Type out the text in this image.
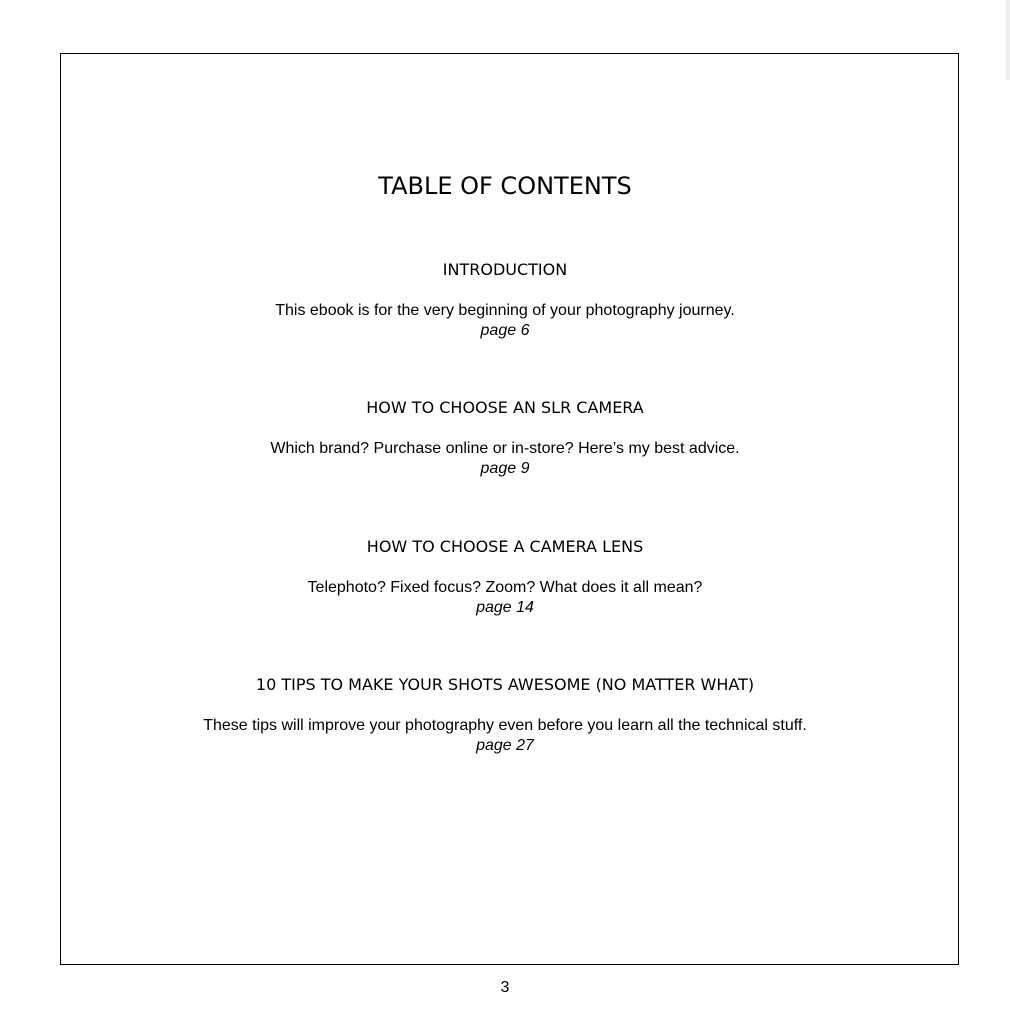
TABLE OF CONTENTS
INTRODUCTION

This ebook is for the very beginning of your photography journey.

page 6

HOW TO CHOOSE AN SLR CAMERA

Which brand? Purchase online or in-store? Here’s my best advice.

page 9

HOW TO CHOOSE A CAMERA LENS

Telephoto? Fixed focus? Zoom? What does it all mean?

page 14

10 TIPS TO MAKE YOUR SHOTS AWESOME (NO MATTER WHAT)

These tips will improve your photography even before you learn all the technical stuff.

page 27

3
